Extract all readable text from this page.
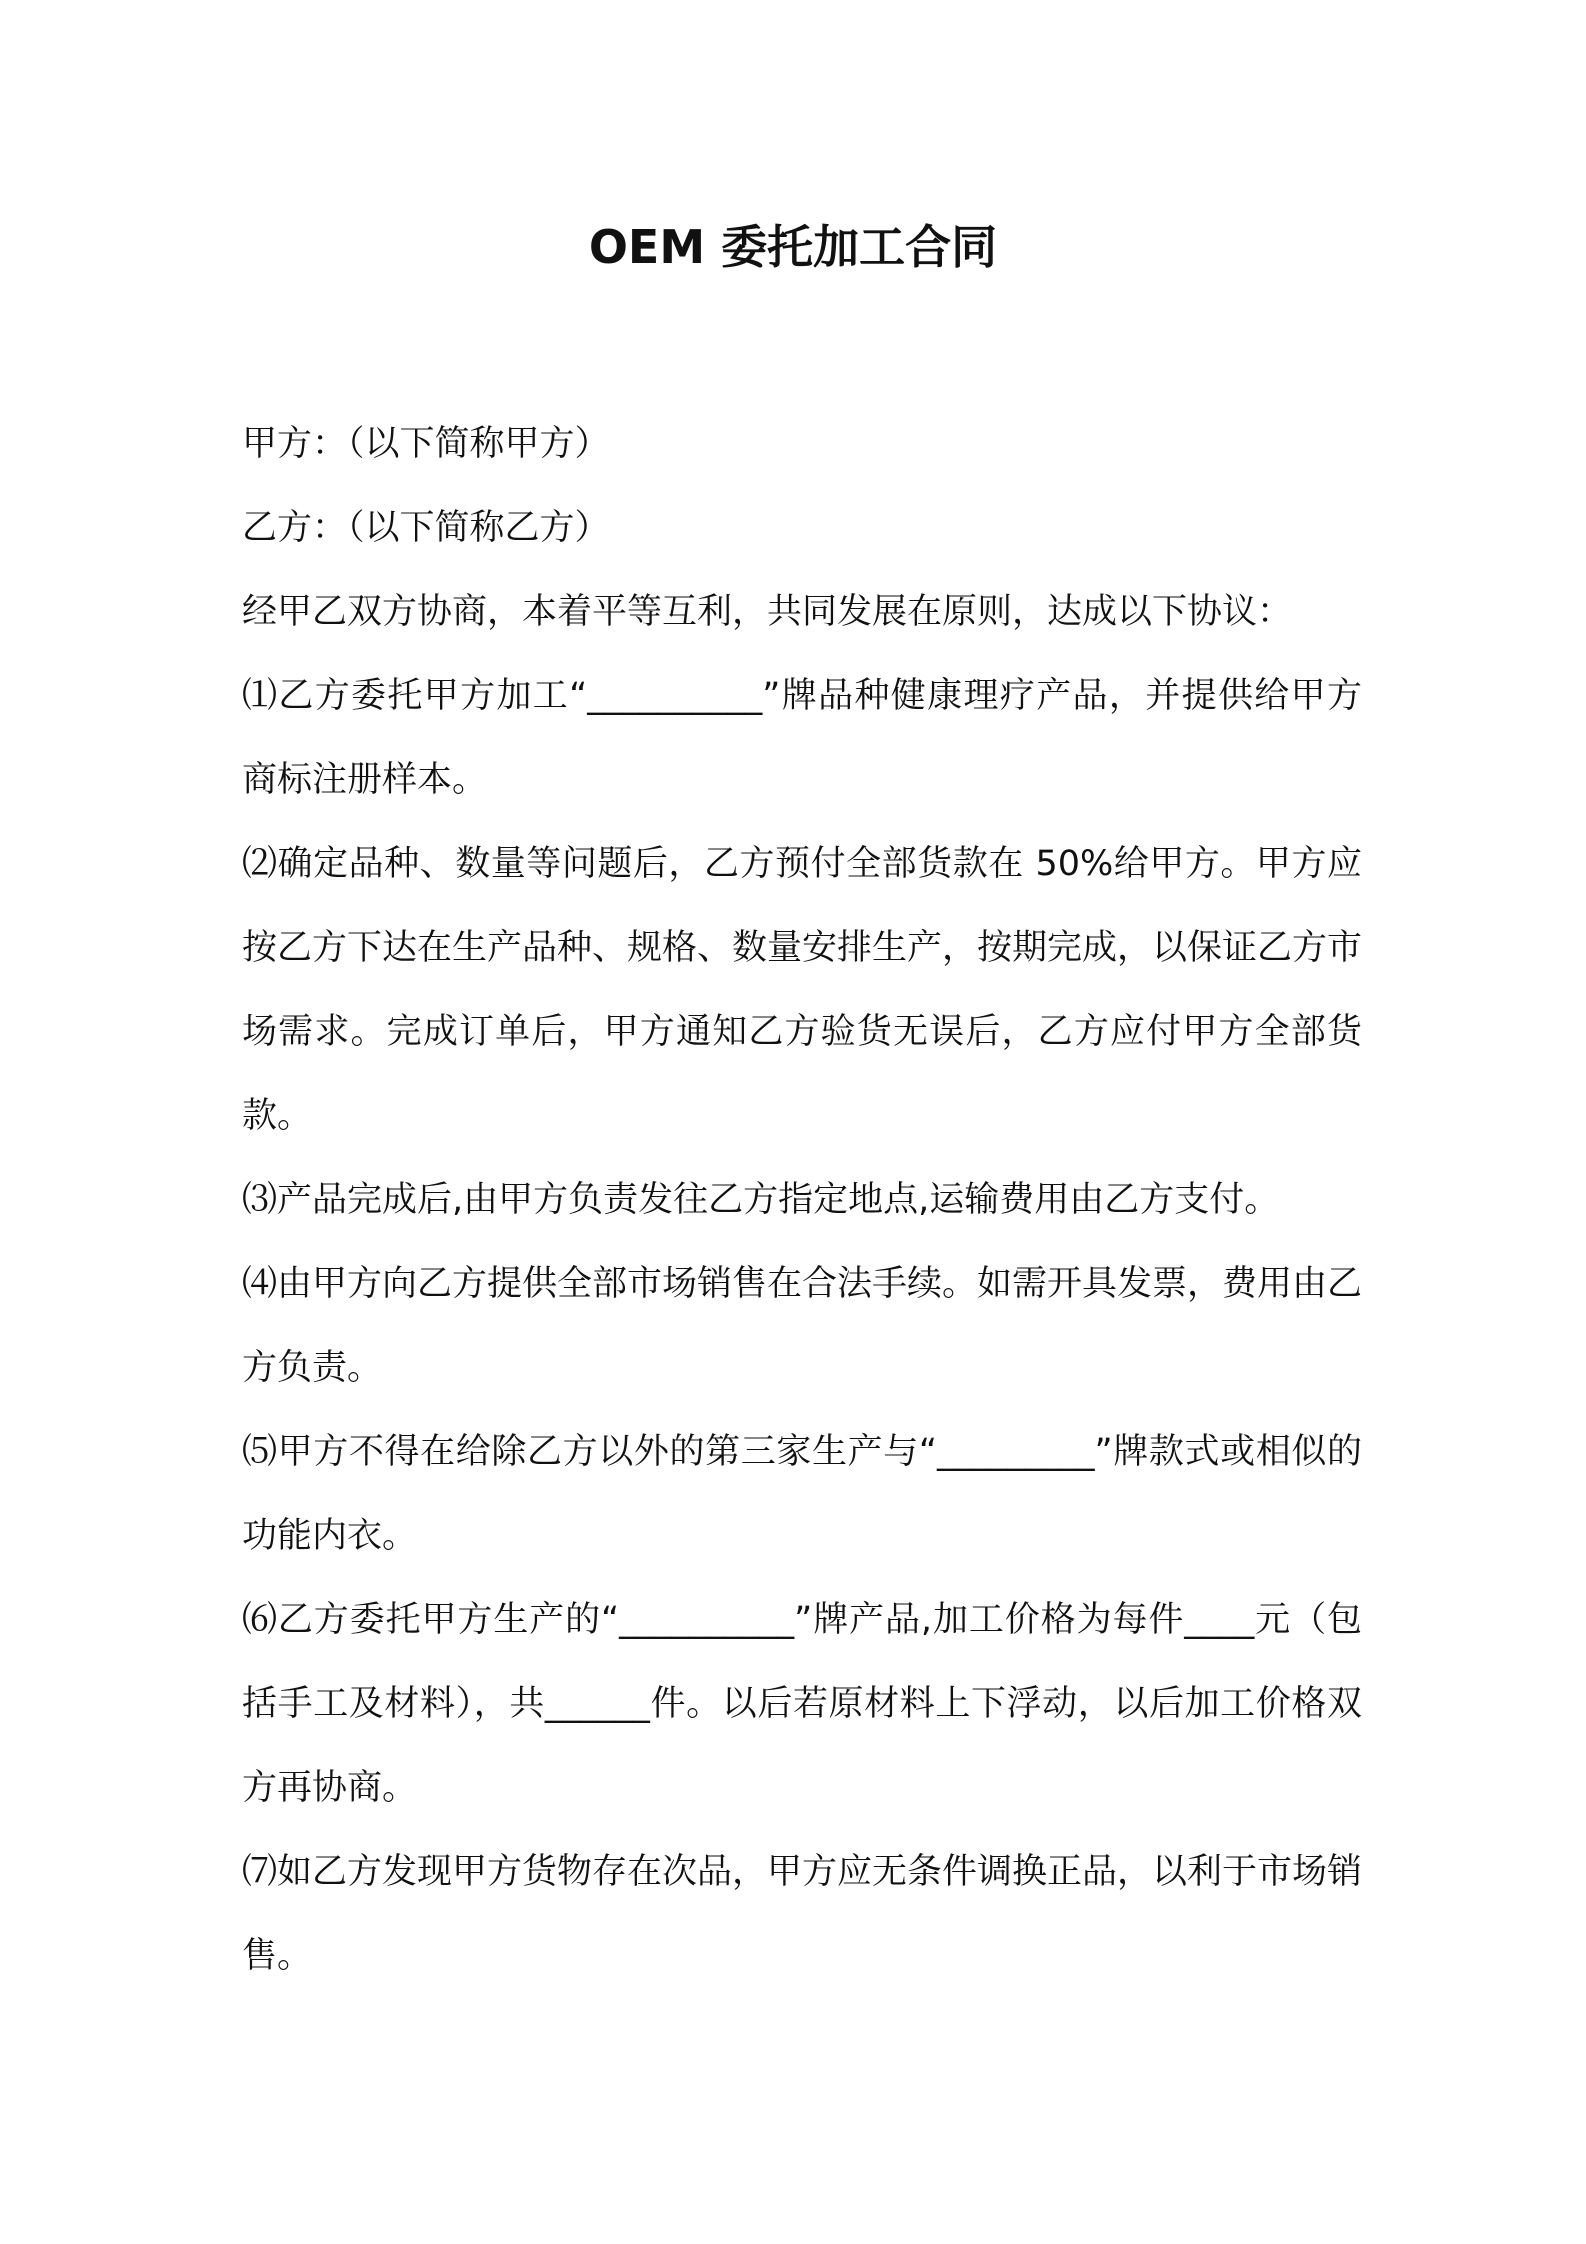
OEM 委托加工合同

甲方：（以下简称甲方）

乙方：（以下简称乙方）

经甲乙双方协商，本着平等互利，共同发展在原则，达成以下协议：

⑴乙方委托甲方加工“__________”牌品种健康理疗产品，并提供给甲方商标注册样本。

⑵确定品种、数量等问题后，乙方预付全部货款在 50%给甲方。甲方应按乙方下达在生产品种、规格、数量安排生产，按期完成，以保证乙方市场需求。完成订单后，甲方通知乙方验货无误后，乙方应付甲方全部货款。

⑶产品完成后,由甲方负责发往乙方指定地点,运输费用由乙方支付。

⑷由甲方向乙方提供全部市场销售在合法手续。如需开具发票，费用由乙方负责。

⑸甲方不得在给除乙方以外的第三家生产与“_________”牌款式或相似的功能内衣。

⑹乙方委托甲方生产的“__________”牌产品,加工价格为每件____元（包括手工及材料），共______件。以后若原材料上下浮动，以后加工价格双方再协商。

⑺如乙方发现甲方货物存在次品，甲方应无条件调换正品，以利于市场销售。
